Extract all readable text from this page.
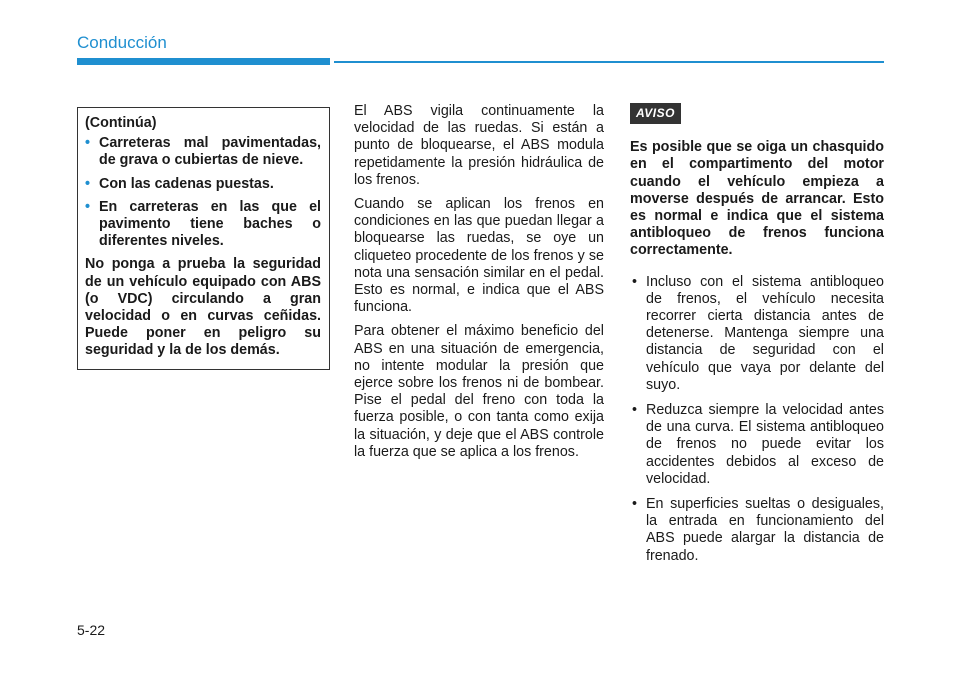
Conducción

(Continúa)

• Carreteras mal pavimentadas, de grava o cubiertas de nieve.
• Con las cadenas puestas.
• En carreteras en las que el pavimento tiene baches o diferentes niveles.

No ponga a prueba la seguridad de un vehículo equipado con ABS (o VDC) circulando a gran velocidad o en curvas ceñidas. Puede poner en peligro su seguridad y la de los demás.

El ABS vigila continuamente la velocidad de las ruedas. Si están a punto de bloquearse, el ABS modula repetidamente la presión hidráulica de los frenos.

Cuando se aplican los frenos en condiciones en las que puedan llegar a bloquearse las ruedas, se oye un cliqueteo procedente de los frenos y se nota una sensación similar en el pedal. Esto es normal, e indica que el ABS funciona.

Para obtener el máximo beneficio del ABS en una situación de emergencia, no intente modular la presión que ejerce sobre los frenos ni de bombear. Pise el pedal del freno con toda la fuerza posible, o con tanta como exija la situación, y deje que el ABS controle la fuerza que se aplica a los frenos.

AVISO

Es posible que se oiga un chasquido en el compartimento del motor cuando el vehículo empieza a moverse después de arrancar. Esto es normal e indica que el sistema antibloqueo de frenos funciona correctamente.

• Incluso con el sistema antibloqueo de frenos, el vehículo necesita recorrer cierta distancia antes de detenerse. Mantenga siempre una distancia de seguridad con el vehículo que vaya por delante del suyo.
• Reduzca siempre la velocidad antes de una curva. El sistema antibloqueo de frenos no puede evitar los accidentes debidos al exceso de velocidad.
• En superficies sueltas o desiguales, la entrada en funcionamiento del ABS puede alargar la distancia de frenado.
5-22
